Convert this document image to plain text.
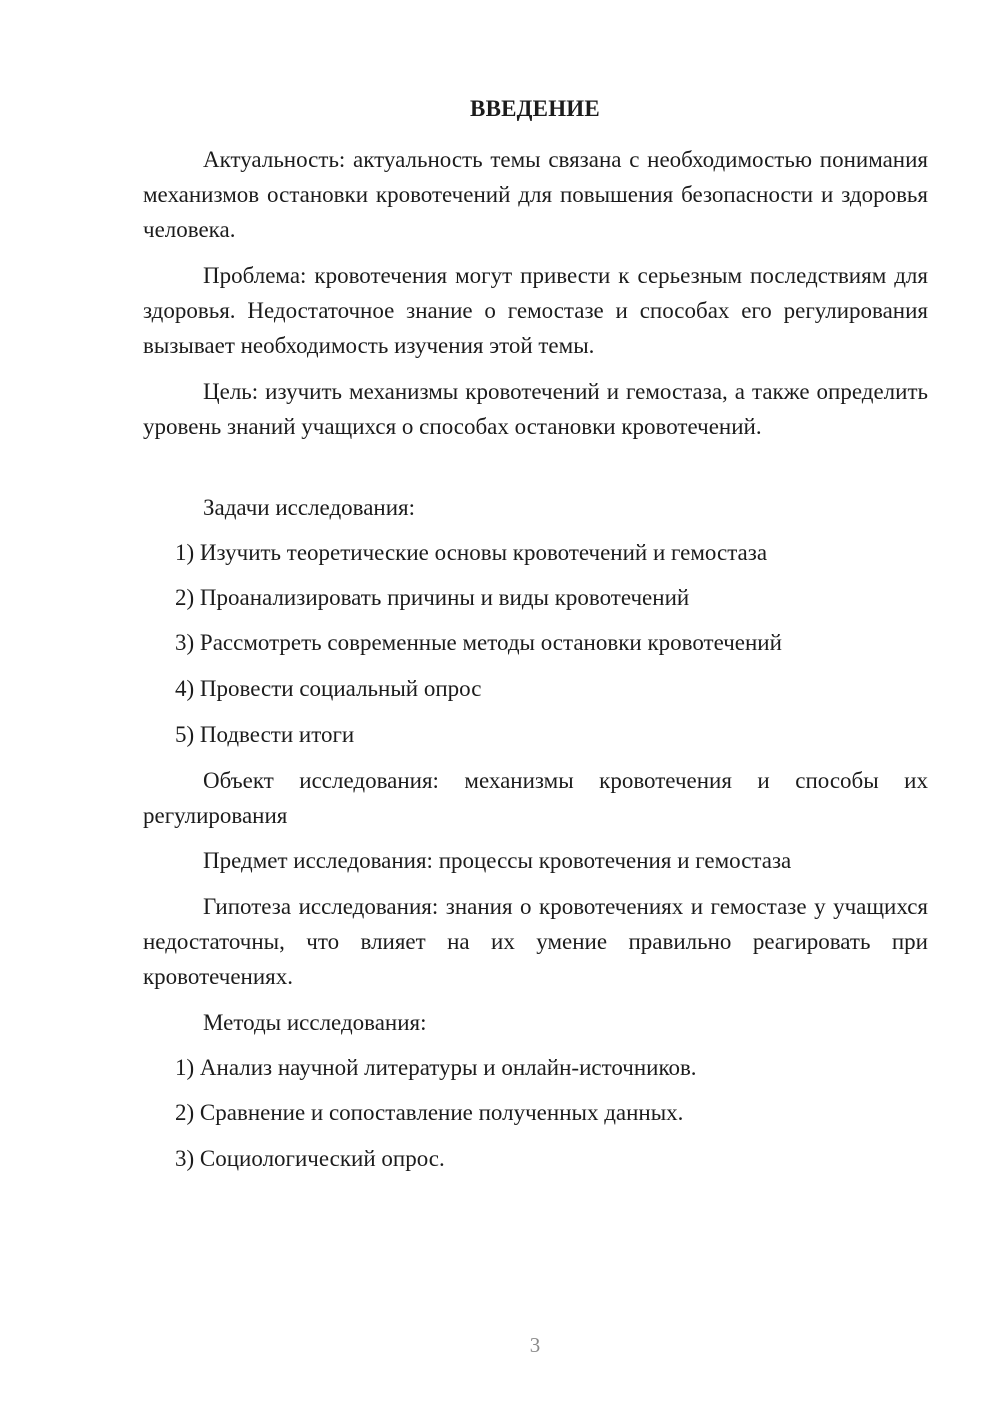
ВВЕДЕНИЕ
Актуальность: актуальность темы связана с необходимостью понимания механизмов остановки кровотечений для повышения безопасности и здоровья человека.
Проблема: кровотечения могут привести к серьезным последствиям для здоровья. Недостаточное знание о гемостазе и способах его регулирования вызывает необходимость изучения этой темы.
Цель: изучить механизмы кровотечений и гемостаза, а также определить уровень знаний учащихся о способах остановки кровотечений.
Задачи исследования:
1) Изучить теоретические основы кровотечений и гемостаза
2) Проанализировать причины и виды кровотечений
3) Рассмотреть современные методы остановки кровотечений
4) Провести социальный опрос
5) Подвести итоги
Объект исследования: механизмы кровотечения и способы их регулирования
Предмет исследования: процессы кровотечения и гемостаза
Гипотеза исследования: знания о кровотечениях и гемостазе у учащихся недостаточны, что влияет на их умение правильно реагировать при кровотечениях.
Методы исследования:
1) Анализ научной литературы и онлайн-источников.
2) Сравнение и сопоставление полученных данных.
3) Социологический опрос.
3
